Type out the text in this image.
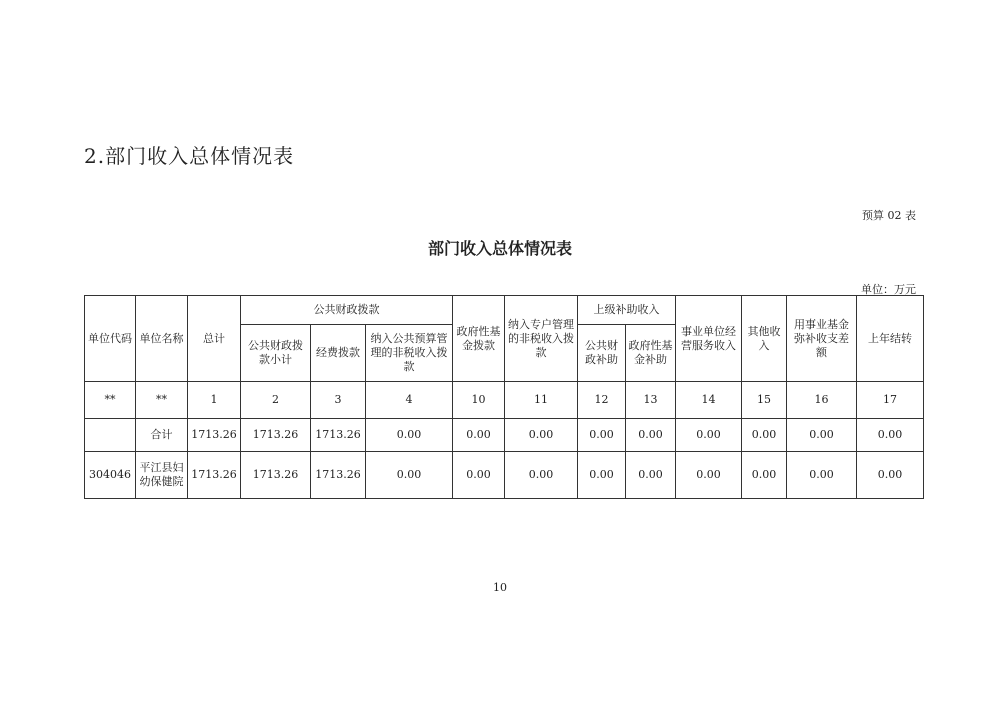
2.部门收入总体情况表
预算 02 表
部门收入总体情况表
单位：万元
单位代码	单位名称	总计	公共财政拨款			政府性基金拨款	纳入专户管理的非税收入拨款	上级补助收入		事业单位经营服务收入	其他收入	用事业基金弥补收支差额	上年结转
			公共财政拨款小计	经费拨款	纳入公共预算管理的非税收入拨款								
								公共财政补助	政府性基金补助				
**	**	1	2	3	4	10	11	12	13	14	15	16	17
	合计	1713.26	1713.26	1713.26	0.00	0.00	0.00	0.00	0.00	0.00	0.00	0.00	0.00
304046	平江县妇幼保健院	1713.26	1713.26	1713.26	0.00	0.00	0.00	0.00	0.00	0.00	0.00	0.00	0.00
10
